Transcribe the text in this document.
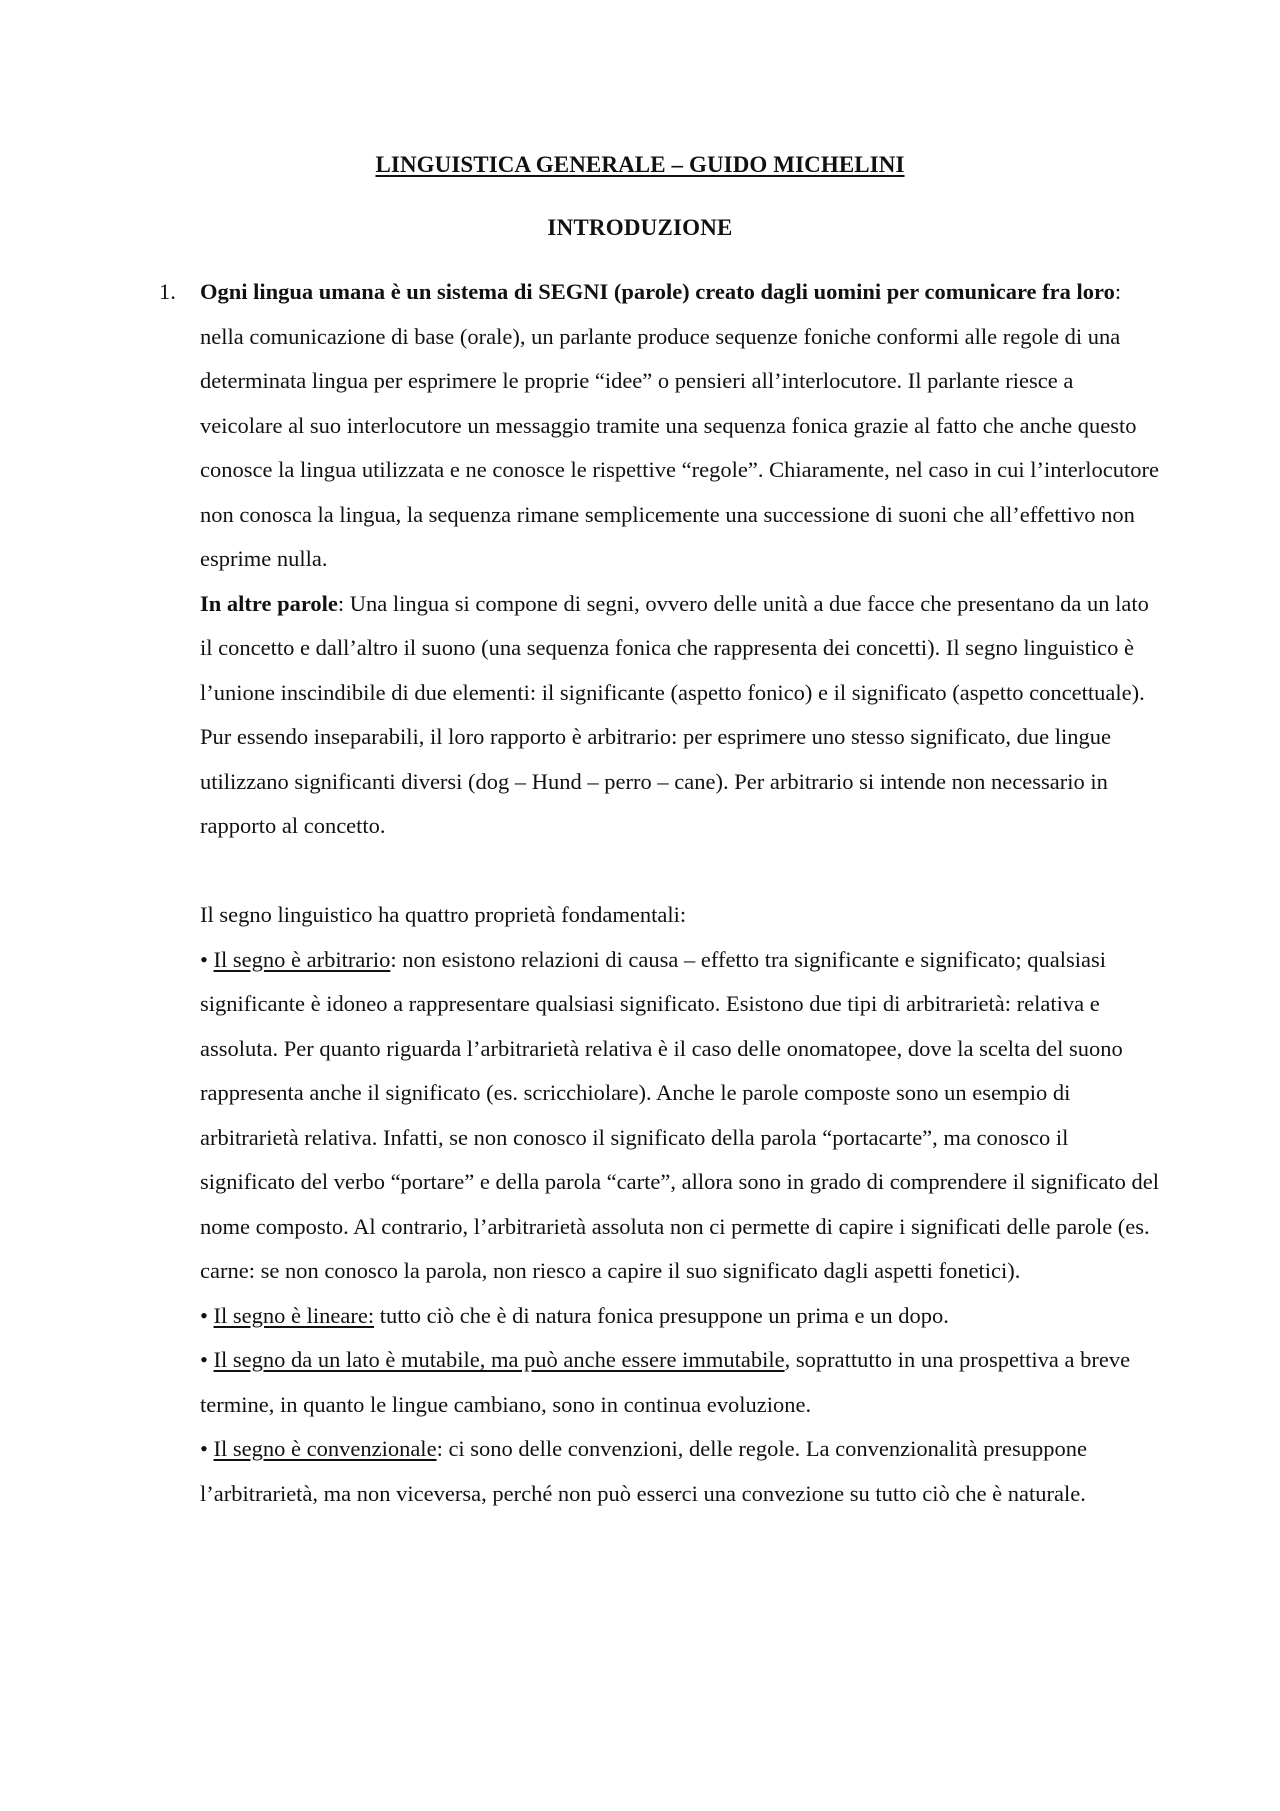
LINGUISTICA GENERALE – GUIDO MICHELINI
INTRODUZIONE
1. Ogni lingua umana è un sistema di SEGNI (parole) creato dagli uomini per comunicare fra loro: nella comunicazione di base (orale), un parlante produce sequenze foniche conformi alle regole di una determinata lingua per esprimere le proprie “idee” o pensieri all’interlocutore. Il parlante riesce a veicolare al suo interlocutore un messaggio tramite una sequenza fonica grazie al fatto che anche questo conosce la lingua utilizzata e ne conosce le rispettive “regole”. Chiaramente, nel caso in cui l’interlocutore non conosca la lingua, la sequenza rimane semplicemente una successione di suoni che all’effettivo non esprime nulla.

In altre parole: Una lingua si compone di segni, ovvero delle unità a due facce che presentano da un lato il concetto e dall’altro il suono (una sequenza fonica che rappresenta dei concetti). Il segno linguistico è l’unione inscindibile di due elementi: il significante (aspetto fonico) e il significato (aspetto concettuale). Pur essendo inseparabili, il loro rapporto è arbitrario: per esprimere uno stesso significato, due lingue utilizzano significanti diversi (dog – Hund – perro – cane). Per arbitrario si intende non necessario in rapporto al concetto.

Il segno linguistico ha quattro proprietà fondamentali:

• Il segno è arbitrario: non esistono relazioni di causa – effetto tra significante e significato; qualsiasi significante è idoneo a rappresentare qualsiasi significato. Esistono due tipi di arbitrarietà: relativa e assoluta. Per quanto riguarda l’arbitrarietà relativa è il caso delle onomatopee, dove la scelta del suono rappresenta anche il significato (es. scricchiolare). Anche le parole composte sono un esempio di arbitrarietà relativa. Infatti, se non conosco il significato della parola “portacarte”, ma conosco il significato del verbo “portare” e della parola “carte”, allora sono in grado di comprendere il significato del nome composto. Al contrario, l’arbitrarietà assoluta non ci permette di capire i significati delle parole (es. carne: se non conosco la parola, non riesco a capire il suo significato dagli aspetti fonetici).

• Il segno è lineare: tutto ciò che è di natura fonica presuppone un prima e un dopo.

• Il segno da un lato è mutabile, ma può anche essere immutabile, soprattutto in una prospettiva a breve termine, in quanto le lingue cambiano, sono in continua evoluzione.

• Il segno è convenzionale: ci sono delle convenzioni, delle regole. La convenzionalità presuppone l’arbitrarietà, ma non viceversa, perché non può esserci una convezione su tutto ciò che è naturale.
